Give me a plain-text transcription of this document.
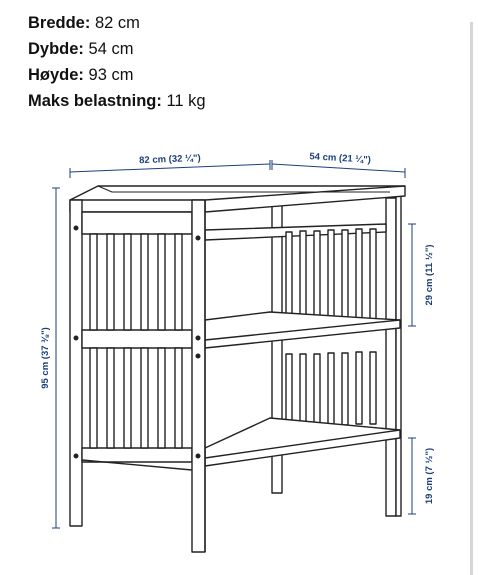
Bredde: 82 cm
Dybde: 54 cm
Høyde: 93 cm
Maks belastning: 11 kg
82 cm (32 ¼")	54 cm (21 ¼")
95 cm (37 ⅜")
29 cm (11 ½")
19 cm (7 ½")
